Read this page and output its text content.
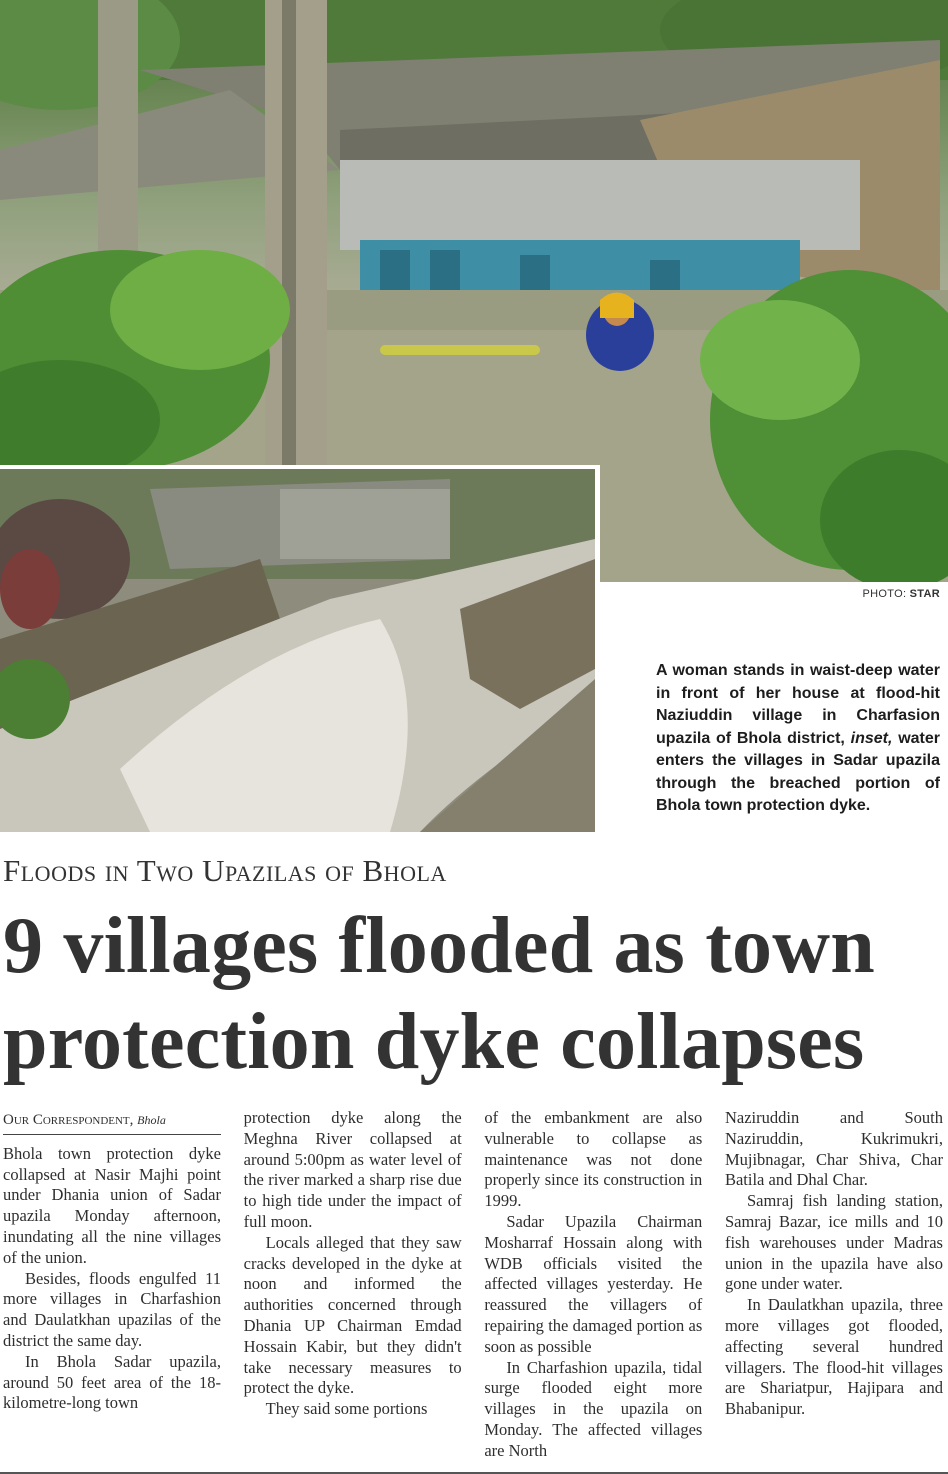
PHOTO: STAR
A woman stands in waist-deep water in front of her house at flood-hit Naziuddin village in Charfasion upazila of Bhola district, inset, water enters the villages in Sadar upazila through the breached portion of Bhola town protection dyke.
Floods in Two Upazilas of Bhola
9 villages flooded as town protection dyke collapses
Our Correspondent, Bhola

Bhola town protection dyke collapsed at Nasir Majhi point under Dhania union of Sadar upazila Monday afternoon, inundating all the nine villages of the union.

Besides, floods engulfed 11 more villages in Charfashion and Daulatkhan upazilas of the district the same day.

In Bhola Sadar upazila, around 50 feet area of the 18-kilometre-long town

protection dyke along the Meghna River collapsed at around 5:00pm as water level of the river marked a sharp rise due to high tide under the impact of full moon.

Locals alleged that they saw cracks developed in the dyke at noon and informed the authorities concerned through Dhania UP Chairman Emdad Hossain Kabir, but they didn't take necessary measures to protect the dyke.

They said some portions

of the embankment are also vulnerable to collapse as maintenance was not done properly since its construction in 1999.

Sadar Upazila Chairman Mosharraf Hossain along with WDB officials visited the affected villages yesterday. He reassured the villagers of repairing the damaged portion as soon as possible

In Charfashion upazila, tidal surge flooded eight more villages in the upazila on Monday. The affected villages are North

Naziruddin and South Naziruddin, Kukrimukri, Mujibnagar, Char Shiva, Char Batila and Dhal Char.

Samraj fish landing station, Samraj Bazar, ice mills and 10 fish warehouses under Madras union in the upazila have also gone under water.

In Daulatkhan upazila, three more villages got flooded, affecting several hundred villagers. The flood-hit villages are Shariatpur, Hajipara and Bhabanipur.
